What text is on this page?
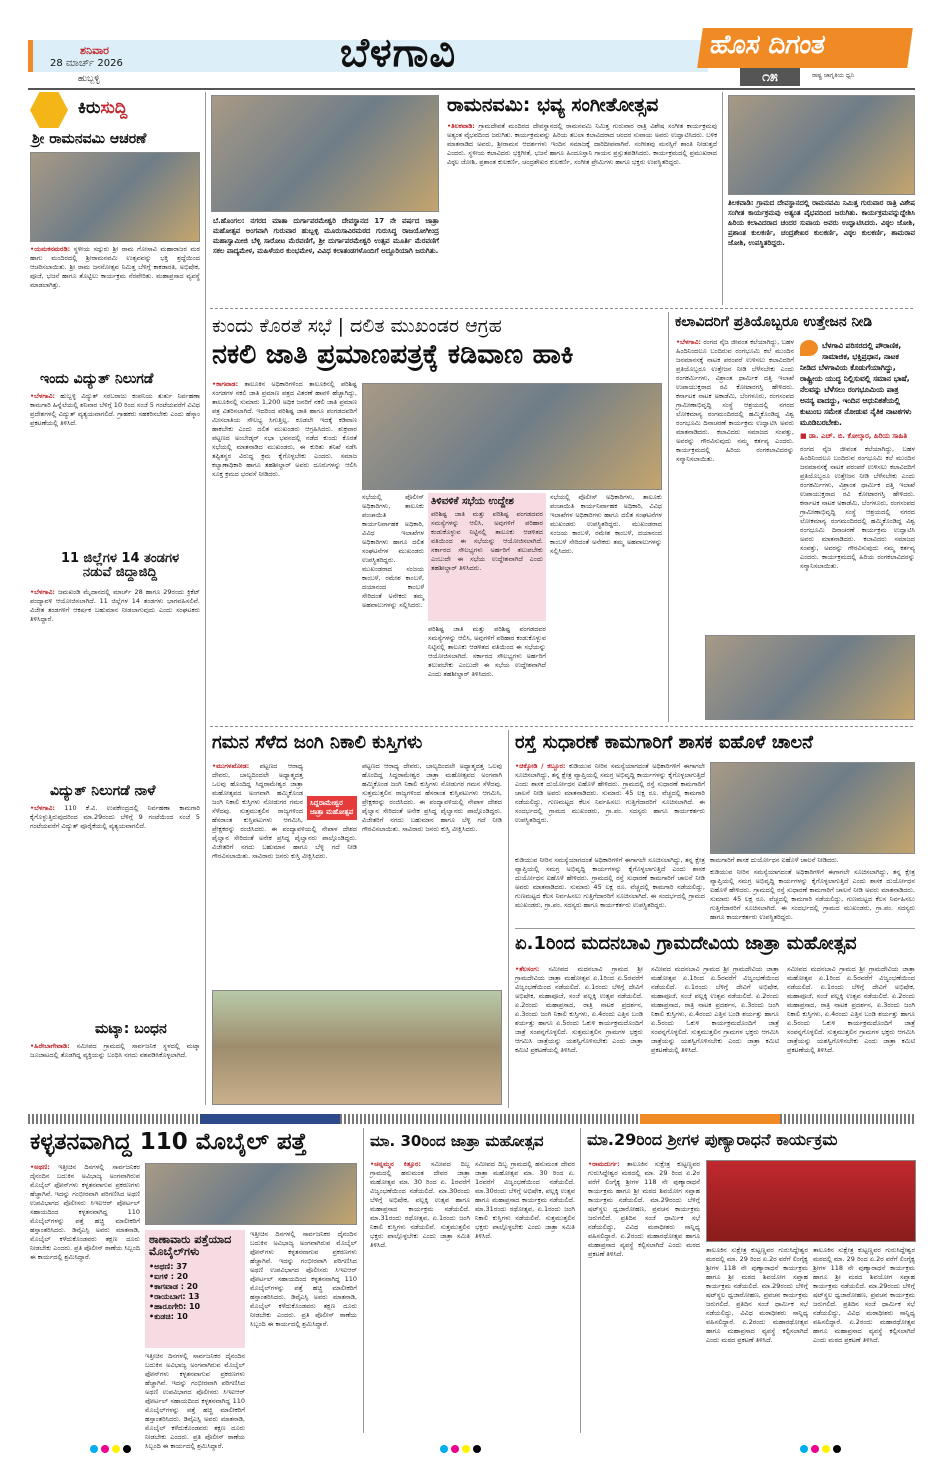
ಶನಿವಾರ
28 ಮಾರ್ಚ್ 2026
ಹುಬ್ಬಳ್ಳಿ
ಬೆಳಗಾವಿ	ಹೊಸ ದಿಗಂತ
೧೫	ರಾಷ್ಟ್ರ ಜಾಗೃತಿಯ ಧ್ವನಿ
ಕಿರುಸುದ್ದಿ
ಶ್ರೀ ರಾಮನವಮಿ ಆಚರಣೆ
•ಯಮಕನಮರಡಿ: ಸ್ಥಳೀಯ ಸದ್ಗುರು ಶ್ರೀ ರಾಮ ಗೋಸಾವಿ ಮಹಾರಾಜರ ಮಠ ಹಾಗು ಮಂದಿರದಲ್ಲಿ ಶ್ರೀರಾಮನವಮಿ ಉತ್ಸವವನ್ನು ಭಕ್ತಿ ಶ್ರದ್ಧೆಯಿಂದ ಆಚರಿಸಲಾಯಿತು. ಶ್ರೀ ರಾಮ ಜನನೋತ್ಸವ ನಿಮಿತ್ತ ಬೆಳಿಗ್ಗೆ ಕಾಕಡಾರತಿ, ಅಭಿಷೇಕ, ಪೂಜೆ, ಭಜನೆ ಹಾಗೂ ತೊಟ್ಟಿಲು ಕಾರ್ಯಕ್ರಮ ನೆರವೇರಿತು. ಮಹಾಪ್ರಸಾದ ವ್ಯವಸ್ಥೆ ಮಾಡಲಾಗಿತ್ತು.
ಇಂದು ವಿದ್ಯುತ್ ನಿಲುಗಡೆ
•ಬೆಳಗಾವಿ: ಹುಬ್ಬಳ್ಳಿ ವಿದ್ಯುತ್ ಸರಬರಾಜು ಕಂಪನಿಯ ತುರ್ತು ನಿರ್ವಹಣಾ ಕಾಮಗಾರಿ ಹಿನ್ನೆಲೆಯಲ್ಲಿ ಶನಿವಾರ ಬೆಳಿಗ್ಗೆ 10 ರಿಂದ ಸಂಜೆ 5 ಗಂಟೆಯವರೆಗೆ ವಿವಿಧ ಪ್ರದೇಶಗಳಲ್ಲಿ ವಿದ್ಯುತ್ ವ್ಯತ್ಯಯವಾಗಲಿದೆ. ಗ್ರಾಹಕರು ಸಹಕರಿಸಬೇಕು ಎಂದು ಹೆಸ್ಕಾಂ ಪ್ರಕಟಣೆಯಲ್ಲಿ ತಿಳಿಸಿದೆ.
11 ಜಿಲ್ಲೆಗಳ 14 ತಂಡಗಳ ನಡುವೆ ಜಿದ್ದಾಜಿದ್ದಿ
•ಬೆಳಗಾವಿ: ಜಮಖಂಡಿ ಮೈದಾನದಲ್ಲಿ ಮಾರ್ಚ್ 28 ಹಾಗೂ 29ರಂದು ಕ್ರಿಕೆಟ್ ಪಂದ್ಯಾವಳಿ ಆಯೋಜಿಸಲಾಗಿದೆ. 11 ಜಿಲ್ಲೆಗಳ 14 ತಂಡಗಳು ಭಾಗವಹಿಸಲಿವೆ. ವಿಜೇತ ತಂಡಗಳಿಗೆ ಆಕರ್ಷಕ ಬಹುಮಾನ ನೀಡಲಾಗುವುದು ಎಂದು ಸಂಘಟಕರು ತಿಳಿಸಿದ್ದಾರೆ.
ವಿದ್ಯುತ್ ನಿಲುಗಡೆ ನಾಳೆ
•ಬೆಳಗಾವಿ: 110 ಕೆ.ವಿ. ಉಪಕೇಂದ್ರದಲ್ಲಿ ನಿರ್ವಹಣಾ ಕಾಮಗಾರಿ ಕೈಗೊಳ್ಳುತ್ತಿರುವುದರಿಂದ ಮಾ.29ರಂದು ಬೆಳಿಗ್ಗೆ 9 ಗಂಟೆಯಿಂದ ಸಂಜೆ 5 ಗಂಟೆಯವರೆಗೆ ವಿದ್ಯುತ್ ಪೂರೈಕೆಯಲ್ಲಿ ವ್ಯತ್ಯಯವಾಗಲಿದೆ.
ಮಟ್ಕಾ: ಬಂಧನ
•ಹಿರೇಬಾಗೇವಾಡಿ: ಸಮೀಪದ ಗ್ರಾಮದಲ್ಲಿ ಸಾರ್ವಜನಿಕ ಸ್ಥಳದಲ್ಲಿ ಮಟ್ಕಾ ಜೂಜಾಟದಲ್ಲಿ ತೊಡಗಿದ್ದ ವ್ಯಕ್ತಿಯನ್ನು ಬಂಧಿಸಿ ನಗದು ವಶಪಡಿಸಿಕೊಳ್ಳಲಾಗಿದೆ.
ಬೆ.ಹೊಂಗಲ: ನಗರದ ಮಾತಾ ದುರ್ಗಾಪರಮೇಶ್ವರಿ ದೇವಸ್ಥಾನದ 17 ನೇ ವರ್ಷದ ಜಾತ್ರಾ ಮಹೋತ್ಸವ ಅಂಗವಾಗಿ ಗುರುವಾರ ಹುಬ್ಬಳ್ಳಿ ಮೂರುಸಾವಿರಮಠದ ಗುರುಸಿದ್ಧ ರಾಜಯೋಗೀಂದ್ರ ಮಹಾಸ್ವಾಮೀಜಿ ಬೆಳ್ಳಿ ಸಾರೋಟ ಮೆರವಣಿಗೆ, ಶ್ರೀ ದುರ್ಗಾಪರಮೇಶ್ವರಿ ಉತ್ಸವ ಮೂರ್ತಿ ಮೆರವಣಿಗೆ ಸಕಲ ವಾದ್ಯಮೇಳ, ಮಹಿಳೆಯರ ಕುಂಭಮೇಳ, ವಿವಿಧ ಕಲಾತಂಡಗಳೊಂದಿಗೆ ಅದ್ದೂರಿಯಾಗಿ ಜರುಗಿತು.
ರಾಮನವಮಿ: ಭವ್ಯ ಸಂಗೀತೋತ್ಸವ
•ತಿಲಕವಾಡಿ: ಗ್ರಾಮದೇವತೆ ಮಂದಿರದ ದೇವಸ್ಥಾನದಲ್ಲಿ ರಾಮನವಮಿ ನಿಮಿತ್ತ ಗುರುವಾರ ರಾತ್ರಿ ವಿಶೇಷ ಸಂಗೀತ ಕಾರ್ಯಕ್ರಮವು ಅತ್ಯಂತ ವೈಭವದಿಂದ ಜರುಗಿತು. ಕಾರ್ಯಕ್ರಮವನ್ನು ಹಿರಿಯ ತಬಲಾ ಕಲಾವಿದರಾದ ಚಂದರ ಸುವಾಯ ಅವರು ಉದ್ಘಾಟಿಸಿದರು. ಬಳಿಕ ಮಾತನಾಡಿದ ಅವರು, ಶ್ರೀರಾಮನ ಆದರ್ಶಗಳು ಇಂದಿನ ಸಮಾಜಕ್ಕೆ ದಾರಿದೀಪವಾಗಿವೆ. ಸಂಗೀತವು ಮನಸ್ಸಿಗೆ ಶಾಂತಿ ನೀಡುತ್ತದೆ ಎಂದರು. ಸ್ಥಳೀಯ ಕಲಾವಿದರು ಭಕ್ತಿಗೀತೆ, ಭಜನೆ ಹಾಗೂ ಹಿಂದೂಸ್ತಾನಿ ಗಾಯನ ಪ್ರಸ್ತುತಪಡಿಸಿದರು. ಕಾರ್ಯಕ್ರಮದಲ್ಲಿ ಪ್ರಮುಖರಾದ ವಿಠ್ಠಲ ಜೋಶಿ, ಪ್ರಶಾಂತ ಕುಲಕರ್ಣಿ, ಚಂದ್ರಶೇಖರ ಕುಲಕರ್ಣಿ, ಸಂಗೀತ ಪ್ರೇಮಿಗಳು ಹಾಗೂ ಭಕ್ತರು ಉಪಸ್ಥಿತರಿದ್ದರು.
ತಿಲಕವಾಡಿ: ಗ್ರಾಮದ ದೇವಸ್ಥಾನದಲ್ಲಿ ರಾಮನವಮಿ ನಿಮಿತ್ತ ಗುರುವಾರ ರಾತ್ರಿ ವಿಶೇಷ ಸಂಗೀತ ಕಾರ್ಯಕ್ರಮವು ಅತ್ಯಂತ ವೈಭವದಿಂದ ಜರುಗಿತು. ಕಾರ್ಯಕ್ರಮವನ್ನುದ್ದೇಶಿಸಿ ಹಿರಿಯ ಕಲಾವಿದರಾದ ಚಂದರ ಸುವಾಯ ಅವರು ಉದ್ಘಾಟಿಸಿದರು. ವಿಠ್ಠಲ ಜೋಶಿ, ಪ್ರಶಾಂತ ಕುಲಕರ್ಣಿ, ಚಂದ್ರಶೇಖರ ಕುಲಕರ್ಣಿ, ವಿಠ್ಠಲ ಕುಲಕರ್ಣಿ, ಶಾಮರಾವ ಜೋಶಿ, ಉಪಸ್ಥಿತರಿದ್ದರು.
ಕುಂದು ಕೊರತೆ ಸಭೆ | ದಲಿತ ಮುಖಂಡರ ಆಗ್ರಹ
ನಕಲಿ ಜಾತಿ ಪ್ರಮಾಣಪತ್ರಕ್ಕೆ ಕಡಿವಾಣ ಹಾಕಿ
•ಕಾಗವಾಡ: ತಾಲೂಕಿನ ಅಧಿಕಾರಿಗಳಿಂದ ತಾಲೂಕಿನಲ್ಲಿ ಪರಿಶಿಷ್ಟ ಸಂಗಡಗಳ ನಕಲಿ ಜಾತಿ ಪ್ರಮಾಣ ಪತ್ರದ ವಿತರಣೆ ಹಾವಳಿ ಹೆಚ್ಚಾಗಿದ್ದು, ತಾಲೂಕಿನಲ್ಲಿ ಸುಮಾರು 1,200 ಅಧಿಕ ಜನರಿಗೆ ನಕಲಿ ಜಾತಿ ಪ್ರಮಾಣ ಪತ್ರ ವಿತರಿಸಲಾಗಿದೆ. ಇದರಿಂದ ಪರಿಶಿಷ್ಟ ಜಾತಿ ಹಾಗೂ ಪಂಗಡದವರಿಗೆ ಮೀಸಲಾತಿಯ ಸೌಲಭ್ಯ ಸಿಗುತ್ತಿಲ್ಲ. ಕೂಡಲೇ ಇದಕ್ಕೆ ಕಡಿವಾಣ ಹಾಕಬೇಕು ಎಂದು ದಲಿತ ಮುಖಂಡರು ಆಗ್ರಹಿಸಿದರು. ಶುಕ್ರವಾರ ಪಟ್ಟಣದ ಅಂಬೇಡ್ಕರ್ ಸಭಾ ಭವನದಲ್ಲಿ ನಡೆದ ಕುಂದು ಕೊರತೆ ಸಭೆಯಲ್ಲಿ ಮಾತನಾಡಿದ ಮುಖಂಡರು, ಈ ಕುರಿತು ತನಿಖೆ ನಡೆಸಿ ತಪ್ಪಿತಸ್ಥರ ವಿರುದ್ಧ ಕ್ರಮ ಕೈಗೊಳ್ಳಬೇಕು ಎಂದರು. ಸಮಾಜ ಕಲ್ಯಾಣಾಧಿಕಾರಿ ಹಾಗೂ ತಹಶೀಲ್ದಾರ್ ಅವರು ದೂರುಗಳನ್ನು ಆಲಿಸಿ ಸೂಕ್ತ ಕ್ರಮದ ಭರವಸೆ ನೀಡಿದರು.
ತಿಳಿವಳಿಕೆ ಸಭೆಯ ಉದ್ದೇಶ
ಪರಿಶಿಷ್ಟ ಜಾತಿ ಮತ್ತು ಪರಿಶಿಷ್ಟ ಪಂಗಡದವರ ಸಮಸ್ಯೆಗಳನ್ನು ಆಲಿಸಿ, ಅವುಗಳಿಗೆ ಪರಿಹಾರ ಕಂಡುಕೊಳ್ಳುವ ನಿಟ್ಟಿನಲ್ಲಿ ತಾಲೂಕು ಆಡಳಿತದ ವತಿಯಿಂದ ಈ ಸಭೆಯನ್ನು ಆಯೋಜಿಸಲಾಗಿದೆ. ಸರ್ಕಾರದ ಸೌಲಭ್ಯಗಳು ಅರ್ಹರಿಗೆ ತಲುಪಬೇಕು ಎಂಬುದೇ ಈ ಸಭೆಯ ಉದ್ದೇಶವಾಗಿದೆ ಎಂದು ತಹಶೀಲ್ದಾರ್ ತಿಳಿಸಿದರು.
ಸಭೆಯಲ್ಲಿ ಪೊಲೀಸ್ ಅಧಿಕಾರಿಗಳು, ತಾಲೂಕು ಪಂಚಾಯಿತಿ ಕಾರ್ಯನಿರ್ವಾಹಕ ಅಧಿಕಾರಿ, ವಿವಿಧ ಇಲಾಖೆಗಳ ಅಧಿಕಾರಿಗಳು ಹಾಗೂ ದಲಿತ ಸಂಘಟನೆಗಳ ಮುಖಂಡರು ಉಪಸ್ಥಿತರಿದ್ದರು. ಮುಖಂಡರಾದ ಸಂಜಯ ಕಾಂಬಳೆ, ರಮೇಶ ಕಾಂಬಳೆ, ದಯಾನಂದ ಕಾಂಬಳೆ ಸೇರಿದಂತೆ ಅನೇಕರು ತಮ್ಮ ಅಹವಾಲುಗಳನ್ನು ಸಲ್ಲಿಸಿದರು.
ಪರಿಶಿಷ್ಟ ಜಾತಿ ಮತ್ತು ಪರಿಶಿಷ್ಟ ಪಂಗಡದವರ ಸಮಸ್ಯೆಗಳನ್ನು ಆಲಿಸಿ, ಅವುಗಳಿಗೆ ಪರಿಹಾರ ಕಂಡುಕೊಳ್ಳುವ ನಿಟ್ಟಿನಲ್ಲಿ ತಾಲೂಕು ಆಡಳಿತದ ವತಿಯಿಂದ ಈ ಸಭೆಯನ್ನು ಆಯೋಜಿಸಲಾಗಿದೆ. ಸರ್ಕಾರದ ಸೌಲಭ್ಯಗಳು ಅರ್ಹರಿಗೆ ತಲುಪಬೇಕು ಎಂಬುದೇ ಈ ಸಭೆಯ ಉದ್ದೇಶವಾಗಿದೆ ಎಂದು ತಹಶೀಲ್ದಾರ್ ತಿಳಿಸಿದರು.
ಸಭೆಯಲ್ಲಿ ಪೊಲೀಸ್ ಅಧಿಕಾರಿಗಳು, ತಾಲೂಕು ಪಂಚಾಯಿತಿ ಕಾರ್ಯನಿರ್ವಾಹಕ ಅಧಿಕಾರಿ, ವಿವಿಧ ಇಲಾಖೆಗಳ ಅಧಿಕಾರಿಗಳು ಹಾಗೂ ದಲಿತ ಸಂಘಟನೆಗಳ ಮುಖಂಡರು ಉಪಸ್ಥಿತರಿದ್ದರು. ಮುಖಂಡರಾದ ಸಂಜಯ ಕಾಂಬಳೆ, ರಮೇಶ ಕಾಂಬಳೆ, ದಯಾನಂದ ಕಾಂಬಳೆ ಸೇರಿದಂತೆ ಅನೇಕರು ತಮ್ಮ ಅಹವಾಲುಗಳನ್ನು ಸಲ್ಲಿಸಿದರು.
ಕಲಾವಿದರಿಗೆ ಪ್ರತಿಯೊಬ್ಬರೂ ಉತ್ತೇಜನ ನೀಡಿ
•ಬೆಳಗಾವಿ: ರಂಗದ ನೈಜ ಜೀವಂತ ಕಲೆಯಾಗಿದ್ದು, ಬಹಳ ಹಿಂದಿನಿಂದಲೂ ಬಂದಿರುವ ರಂಗಭೂಮಿ ಕಲೆ ಮುಂದಿನ ಜನಮಾನಸಕ್ಕೆ ನಾಟಕ ಪರಂಪರೆ ಉಳಿಸಲು ಕಲಾವಿದರಿಗೆ ಪ್ರತಿಯೊಬ್ಬರೂ ಉತ್ತೇಜನ ನೀಡಿ ಬೆಳೆಸಬೇಕು ಎಂದು ರಂಗಕರ್ಮಿಗಳು, ವಿಶ್ರಾಂತ ಧಾರ್ಮಿಕ ದತ್ತಿ ಇಲಾಖೆ ಉಪಾಯುಕ್ತರಾದ ರವಿ ಕೋಟಾರಗಸ್ತಿ ಹೇಳಿದರು. ಕರ್ನಾಟಕ ನಾಟಕ ಅಕಾಡೆಮಿ, ಬೆಂಗಳೂರು, ರಂಗಸಂಪದ ಗ್ರಾಮೀಣಾಭಿವೃದ್ಧಿ ಸಂಸ್ಥೆ ಆಶ್ರಯದಲ್ಲಿ ನಗರದ ಲೋಕಮಾನ್ಯ ರಂಗಮಂದಿರದಲ್ಲಿ ಹಮ್ಮಿಕೊಂಡಿದ್ದ ವಿಶ್ವ ರಂಗಭೂಮಿ ದಿನಾಚರಣೆ ಕಾರ್ಯಕ್ರಮ ಉದ್ಘಾಟಿಸಿ ಅವರು ಮಾತನಾಡಿದರು. ಕಲಾವಿದರು ಸಮಾಜದ ಸಂಪತ್ತು, ಅವರನ್ನು ಗೌರವಿಸುವುದು ನಮ್ಮ ಕರ್ತವ್ಯ ಎಂದರು. ಕಾರ್ಯಕ್ರಮದಲ್ಲಿ ಹಿರಿಯ ರಂಗಕಲಾವಿದರನ್ನು ಸನ್ಮಾನಿಸಲಾಯಿತು.
ಬೆಳಗಾವಿ ಪರಿಸರದಲ್ಲಿ ಪೌರಾಣಿಕ, ಸಾಮಾಜಿಕ, ಭಕ್ತಿಪ್ರಧಾನ, ನಾಟಕ ನೀಡಿದ ಬೆಳಗಾವಿಯ ಕೊಡುಗೆಯಾಗಿದ್ದು, ರಾಷ್ಟ್ರೀಯ ಯುದ್ಧ ನಿಲ್ಲಿಸುವಲ್ಲಿ ಸಮಾನ ಭಾಷೆ, ನೆಲವನ್ನು ಬೆಳೆಸಲು ರಂಗಭೂಮಿಯ ಪಾತ್ರ ಅನನ್ಯ ವಾದದ್ದು, ಇಂದಿನ ಆಧುನಿಕತೆಯಲ್ಲಿ ಕುಟುಂಬ ಸಮೇತ ನೋಡುವ ನೈತಿಕ ನಾಟಕಗಳು ಮೂಡಿಬರಬೇಕು.
■ ಡಾ. ಎಚ್. ಬಿ. ಕೋಲ್ಕಾರ, ಹಿರಿಯ ಸಾಹಿತಿ
ರಂಗದ ನೈಜ ಜೀವಂತ ಕಲೆಯಾಗಿದ್ದು, ಬಹಳ ಹಿಂದಿನಿಂದಲೂ ಬಂದಿರುವ ರಂಗಭೂಮಿ ಕಲೆ ಮುಂದಿನ ಜನಮಾನಸಕ್ಕೆ ನಾಟಕ ಪರಂಪರೆ ಉಳಿಸಲು ಕಲಾವಿದರಿಗೆ ಪ್ರತಿಯೊಬ್ಬರೂ ಉತ್ತೇಜನ ನೀಡಿ ಬೆಳೆಸಬೇಕು ಎಂದು ರಂಗಕರ್ಮಿಗಳು, ವಿಶ್ರಾಂತ ಧಾರ್ಮಿಕ ದತ್ತಿ ಇಲಾಖೆ ಉಪಾಯುಕ್ತರಾದ ರವಿ ಕೋಟಾರಗಸ್ತಿ ಹೇಳಿದರು. ಕರ್ನಾಟಕ ನಾಟಕ ಅಕಾಡೆಮಿ, ಬೆಂಗಳೂರು, ರಂಗಸಂಪದ ಗ್ರಾಮೀಣಾಭಿವೃದ್ಧಿ ಸಂಸ್ಥೆ ಆಶ್ರಯದಲ್ಲಿ ನಗರದ ಲೋಕಮಾನ್ಯ ರಂಗಮಂದಿರದಲ್ಲಿ ಹಮ್ಮಿಕೊಂಡಿದ್ದ ವಿಶ್ವ ರಂಗಭೂಮಿ ದಿನಾಚರಣೆ ಕಾರ್ಯಕ್ರಮ ಉದ್ಘಾಟಿಸಿ ಅವರು ಮಾತನಾಡಿದರು. ಕಲಾವಿದರು ಸಮಾಜದ ಸಂಪತ್ತು, ಅವರನ್ನು ಗೌರವಿಸುವುದು ನಮ್ಮ ಕರ್ತವ್ಯ ಎಂದರು. ಕಾರ್ಯಕ್ರಮದಲ್ಲಿ ಹಿರಿಯ ರಂಗಕಲಾವಿದರನ್ನು ಸನ್ಮಾನಿಸಲಾಯಿತು.
ಗಮನ ಸೆಳೆದ ಜಂಗಿ ನಿಕಾಲಿ ಕುಸ್ತಿಗಳು
ಸಿದ್ದರಾಮೇಶ್ವರ ಜಾತ್ರಾ ಮಹೋತ್ಸವ
•ಮುಗಳಖೋಡ: ಪಟ್ಟಣದ ಆರಾಧ್ಯ ದೇವರು, ಬಾಲ್ಯದಿಂದಲೇ ಅಧ್ಯಾತ್ಮದತ್ತ ಒಲವು ಹೊಂದಿದ್ದ ಸಿದ್ದರಾಮೇಶ್ವರ ಜಾತ್ರಾ ಮಹೋತ್ಸವದ ಅಂಗವಾಗಿ ಹಮ್ಮಿಕೊಂಡ ಜಂಗಿ ನಿಕಾಲಿ ಕುಸ್ತಿಗಳು ನೋಡುಗರ ಗಮನ ಸೆಳೆದವು. ಸುತ್ತಮುತ್ತಲಿನ ರಾಜ್ಯಗಳಿಂದ ಹೆಸರಾಂತ ಕುಸ್ತಿಪಟುಗಳು ಆಗಮಿಸಿ, ಪ್ರೇಕ್ಷಕರನ್ನು ರಂಜಿಸಿದರು. ಈ ಪಂದ್ಯಾವಳಿಯಲ್ಲಿ ನೇಪಾಳ ದೇಶದ ಪೈಲ್ವಾನ ಸೇರಿದಂತೆ ಅನೇಕ ಪ್ರಸಿದ್ಧ ಪೈಲ್ವಾನರು ಪಾಲ್ಗೊಂಡಿದ್ದರು. ವಿಜೇತರಿಗೆ ನಗದು ಬಹುಮಾನ ಹಾಗೂ ಬೆಳ್ಳಿ ಗದೆ ನೀಡಿ ಗೌರವಿಸಲಾಯಿತು. ಸಾವಿರಾರು ಜನರು ಕುಸ್ತಿ ವೀಕ್ಷಿಸಿದರು.
ಪಟ್ಟಣದ ಆರಾಧ್ಯ ದೇವರು, ಬಾಲ್ಯದಿಂದಲೇ ಅಧ್ಯಾತ್ಮದತ್ತ ಒಲವು ಹೊಂದಿದ್ದ ಸಿದ್ದರಾಮೇಶ್ವರ ಜಾತ್ರಾ ಮಹೋತ್ಸವದ ಅಂಗವಾಗಿ ಹಮ್ಮಿಕೊಂಡ ಜಂಗಿ ನಿಕಾಲಿ ಕುಸ್ತಿಗಳು ನೋಡುಗರ ಗಮನ ಸೆಳೆದವು. ಸುತ್ತಮುತ್ತಲಿನ ರಾಜ್ಯಗಳಿಂದ ಹೆಸರಾಂತ ಕುಸ್ತಿಪಟುಗಳು ಆಗಮಿಸಿ, ಪ್ರೇಕ್ಷಕರನ್ನು ರಂಜಿಸಿದರು. ಈ ಪಂದ್ಯಾವಳಿಯಲ್ಲಿ ನೇಪಾಳ ದೇಶದ ಪೈಲ್ವಾನ ಸೇರಿದಂತೆ ಅನೇಕ ಪ್ರಸಿದ್ಧ ಪೈಲ್ವಾನರು ಪಾಲ್ಗೊಂಡಿದ್ದರು. ವಿಜೇತರಿಗೆ ನಗದು ಬಹುಮಾನ ಹಾಗೂ ಬೆಳ್ಳಿ ಗದೆ ನೀಡಿ ಗೌರವಿಸಲಾಯಿತು. ಸಾವಿರಾರು ಜನರು ಕುಸ್ತಿ ವೀಕ್ಷಿಸಿದರು.
ರಸ್ತೆ ಸುಧಾರಣೆ ಕಾಮಗಾರಿಗೆ ಶಾಸಕ ಐಹೊಳೆ ಚಾಲನೆ
•ಚಿಕ್ಕೋಡಿ / ಕಬ್ಬೂರ: ಕುಡಿಯುವ ನೀರಿನ ಸಮಸ್ಯೆಯಾಗದಂತೆ ಅಧಿಕಾರಿಗಳಿಗೆ ಈಗಾಗಲೇ ಸೂಚಿಸಲಾಗಿದ್ದು, ತನ್ನ ಕ್ಷೇತ್ರ ವ್ಯಾಪ್ತಿಯಲ್ಲಿ ಸಮಗ್ರ ಅಭಿವೃದ್ಧಿ ಕಾರ್ಯಗಳನ್ನು ಕೈಗೊಳ್ಳಲಾಗುತ್ತಿದೆ ಎಂದು ಶಾಸಕ ದುರ್ಯೋಧನ ಐಹೊಳೆ ಹೇಳಿದರು. ಗ್ರಾಮದಲ್ಲಿ ರಸ್ತೆ ಸುಧಾರಣೆ ಕಾಮಗಾರಿಗೆ ಚಾಲನೆ ನೀಡಿ ಅವರು ಮಾತನಾಡಿದರು. ಸುಮಾರು 45 ಲಕ್ಷ ರೂ. ವೆಚ್ಚದಲ್ಲಿ ಕಾಮಗಾರಿ ನಡೆಯಲಿದ್ದು, ಗುಣಮಟ್ಟದ ಕೆಲಸ ನಿರ್ವಹಿಸಲು ಗುತ್ತಿಗೆದಾರರಿಗೆ ಸೂಚಿಸಲಾಗಿದೆ. ಈ ಸಂದರ್ಭದಲ್ಲಿ ಗ್ರಾಮದ ಮುಖಂಡರು, ಗ್ರಾ.ಪಂ. ಸದಸ್ಯರು ಹಾಗೂ ಕಾರ್ಯಕರ್ತರು ಉಪಸ್ಥಿತರಿದ್ದರು.
ಕಾಮಗಾರಿಗೆ ಶಾಸಕ ದುರ್ಯೋಧನ ಐಹೊಳೆ ಚಾಲನೆ ನೀಡಿದರು.
ಕುಡಿಯುವ ನೀರಿನ ಸಮಸ್ಯೆಯಾಗದಂತೆ ಅಧಿಕಾರಿಗಳಿಗೆ ಈಗಾಗಲೇ ಸೂಚಿಸಲಾಗಿದ್ದು, ತನ್ನ ಕ್ಷೇತ್ರ ವ್ಯಾಪ್ತಿಯಲ್ಲಿ ಸಮಗ್ರ ಅಭಿವೃದ್ಧಿ ಕಾರ್ಯಗಳನ್ನು ಕೈಗೊಳ್ಳಲಾಗುತ್ತಿದೆ ಎಂದು ಶಾಸಕ ದುರ್ಯೋಧನ ಐಹೊಳೆ ಹೇಳಿದರು. ಗ್ರಾಮದಲ್ಲಿ ರಸ್ತೆ ಸುಧಾರಣೆ ಕಾಮಗಾರಿಗೆ ಚಾಲನೆ ನೀಡಿ ಅವರು ಮಾತನಾಡಿದರು. ಸುಮಾರು 45 ಲಕ್ಷ ರೂ. ವೆಚ್ಚದಲ್ಲಿ ಕಾಮಗಾರಿ ನಡೆಯಲಿದ್ದು, ಗುಣಮಟ್ಟದ ಕೆಲಸ ನಿರ್ವಹಿಸಲು ಗುತ್ತಿಗೆದಾರರಿಗೆ ಸೂಚಿಸಲಾಗಿದೆ. ಈ ಸಂದರ್ಭದಲ್ಲಿ ಗ್ರಾಮದ ಮುಖಂಡರು, ಗ್ರಾ.ಪಂ. ಸದಸ್ಯರು ಹಾಗೂ ಕಾರ್ಯಕರ್ತರು ಉಪಸ್ಥಿತರಿದ್ದರು.
ಕುಡಿಯುವ ನೀರಿನ ಸಮಸ್ಯೆಯಾಗದಂತೆ ಅಧಿಕಾರಿಗಳಿಗೆ ಈಗಾಗಲೇ ಸೂಚಿಸಲಾಗಿದ್ದು, ತನ್ನ ಕ್ಷೇತ್ರ ವ್ಯಾಪ್ತಿಯಲ್ಲಿ ಸಮಗ್ರ ಅಭಿವೃದ್ಧಿ ಕಾರ್ಯಗಳನ್ನು ಕೈಗೊಳ್ಳಲಾಗುತ್ತಿದೆ ಎಂದು ಶಾಸಕ ದುರ್ಯೋಧನ ಐಹೊಳೆ ಹೇಳಿದರು. ಗ್ರಾಮದಲ್ಲಿ ರಸ್ತೆ ಸುಧಾರಣೆ ಕಾಮಗಾರಿಗೆ ಚಾಲನೆ ನೀಡಿ ಅವರು ಮಾತನಾಡಿದರು. ಸುಮಾರು 45 ಲಕ್ಷ ರೂ. ವೆಚ್ಚದಲ್ಲಿ ಕಾಮಗಾರಿ ನಡೆಯಲಿದ್ದು, ಗುಣಮಟ್ಟದ ಕೆಲಸ ನಿರ್ವಹಿಸಲು ಗುತ್ತಿಗೆದಾರರಿಗೆ ಸೂಚಿಸಲಾಗಿದೆ. ಈ ಸಂದರ್ಭದಲ್ಲಿ ಗ್ರಾಮದ ಮುಖಂಡರು, ಗ್ರಾ.ಪಂ. ಸದಸ್ಯರು ಹಾಗೂ ಕಾರ್ಯಕರ್ತರು ಉಪಸ್ಥಿತರಿದ್ದರು.
ಏ.1ರಿಂದ ಮದನಬಾವಿ ಗ್ರಾಮದೇವಿಯ ಜಾತ್ರಾ ಮಹೋತ್ಸವ
•ತೆಲಸಂಗ: ಸಮೀಪದ ಮದನಬಾವಿ ಗ್ರಾಮದ ಶ್ರೀ ಗ್ರಾಮದೇವಿಯ ಜಾತ್ರಾ ಮಹೋತ್ಸವ ಏ.1ರಿಂದ ಏ.5ರವರೆಗೆ ವಿಜೃಂಭಣೆಯಿಂದ ನಡೆಯಲಿದೆ. ಏ.1ರಂದು ಬೆಳಿಗ್ಗೆ ದೇವಿಗೆ ಅಭಿಷೇಕ, ಮಹಾಪೂಜೆ, ಸಂಜೆ ಪಲ್ಲಕ್ಕಿ ಉತ್ಸವ ನಡೆಯಲಿದೆ. ಏ.2ರಂದು ಮಹಾಪ್ರಸಾದ, ರಾತ್ರಿ ನಾಟಕ ಪ್ರದರ್ಶನ, ಏ.3ರಂದು ಜಂಗಿ ನಿಕಾಲಿ ಕುಸ್ತಿಗಳು, ಏ.4ರಂದು ಎತ್ತಿನ ಬಂಡಿ ಶರ್ಯತ್ತು ಹಾಗೂ ಏ.5ರಂದು ಓಕುಳಿ ಕಾರ್ಯಕ್ರಮದೊಂದಿಗೆ ಜಾತ್ರೆ ಸಂಪನ್ನಗೊಳ್ಳಲಿದೆ. ಸುತ್ತಮುತ್ತಲಿನ ಗ್ರಾಮಗಳ ಭಕ್ತರು ಆಗಮಿಸಿ ಜಾತ್ರೆಯನ್ನು ಯಶಸ್ವಿಗೊಳಿಸಬೇಕು ಎಂದು ಜಾತ್ರಾ ಕಮಿಟಿ ಪ್ರಕಟಣೆಯಲ್ಲಿ ತಿಳಿಸಿದೆ.
ಸಮೀಪದ ಮದನಬಾವಿ ಗ್ರಾಮದ ಶ್ರೀ ಗ್ರಾಮದೇವಿಯ ಜಾತ್ರಾ ಮಹೋತ್ಸವ ಏ.1ರಿಂದ ಏ.5ರವರೆಗೆ ವಿಜೃಂಭಣೆಯಿಂದ ನಡೆಯಲಿದೆ. ಏ.1ರಂದು ಬೆಳಿಗ್ಗೆ ದೇವಿಗೆ ಅಭಿಷೇಕ, ಮಹಾಪೂಜೆ, ಸಂಜೆ ಪಲ್ಲಕ್ಕಿ ಉತ್ಸವ ನಡೆಯಲಿದೆ. ಏ.2ರಂದು ಮಹಾಪ್ರಸಾದ, ರಾತ್ರಿ ನಾಟಕ ಪ್ರದರ್ಶನ, ಏ.3ರಂದು ಜಂಗಿ ನಿಕಾಲಿ ಕುಸ್ತಿಗಳು, ಏ.4ರಂದು ಎತ್ತಿನ ಬಂಡಿ ಶರ್ಯತ್ತು ಹಾಗೂ ಏ.5ರಂದು ಓಕುಳಿ ಕಾರ್ಯಕ್ರಮದೊಂದಿಗೆ ಜಾತ್ರೆ ಸಂಪನ್ನಗೊಳ್ಳಲಿದೆ. ಸುತ್ತಮುತ್ತಲಿನ ಗ್ರಾಮಗಳ ಭಕ್ತರು ಆಗಮಿಸಿ ಜಾತ್ರೆಯನ್ನು ಯಶಸ್ವಿಗೊಳಿಸಬೇಕು ಎಂದು ಜಾತ್ರಾ ಕಮಿಟಿ ಪ್ರಕಟಣೆಯಲ್ಲಿ ತಿಳಿಸಿದೆ.
ಸಮೀಪದ ಮದನಬಾವಿ ಗ್ರಾಮದ ಶ್ರೀ ಗ್ರಾಮದೇವಿಯ ಜಾತ್ರಾ ಮಹೋತ್ಸವ ಏ.1ರಿಂದ ಏ.5ರವರೆಗೆ ವಿಜೃಂಭಣೆಯಿಂದ ನಡೆಯಲಿದೆ. ಏ.1ರಂದು ಬೆಳಿಗ್ಗೆ ದೇವಿಗೆ ಅಭಿಷೇಕ, ಮಹಾಪೂಜೆ, ಸಂಜೆ ಪಲ್ಲಕ್ಕಿ ಉತ್ಸವ ನಡೆಯಲಿದೆ. ಏ.2ರಂದು ಮಹಾಪ್ರಸಾದ, ರಾತ್ರಿ ನಾಟಕ ಪ್ರದರ್ಶನ, ಏ.3ರಂದು ಜಂಗಿ ನಿಕಾಲಿ ಕುಸ್ತಿಗಳು, ಏ.4ರಂದು ಎತ್ತಿನ ಬಂಡಿ ಶರ್ಯತ್ತು ಹಾಗೂ ಏ.5ರಂದು ಓಕುಳಿ ಕಾರ್ಯಕ್ರಮದೊಂದಿಗೆ ಜಾತ್ರೆ ಸಂಪನ್ನಗೊಳ್ಳಲಿದೆ. ಸುತ್ತಮುತ್ತಲಿನ ಗ್ರಾಮಗಳ ಭಕ್ತರು ಆಗಮಿಸಿ ಜಾತ್ರೆಯನ್ನು ಯಶಸ್ವಿಗೊಳಿಸಬೇಕು ಎಂದು ಜಾತ್ರಾ ಕಮಿಟಿ ಪ್ರಕಟಣೆಯಲ್ಲಿ ತಿಳಿಸಿದೆ.
ಕಳ್ಳತನವಾಗಿದ್ದ 110 ಮೊಬೈಲ್ ಪತ್ತೆ
•ಅಥಣಿ: ಇತ್ತೀಚಿನ ದಿನಗಳಲ್ಲಿ ಸಾರ್ವಜನಿಕರ ದೈನಂದಿನ ಬದುಕಿನ ಅವಿಭಾಜ್ಯ ಅಂಗವಾಗಿರುವ ಮೊಬೈಲ್ ಫೋನ್‌ಗಳು ಕಳ್ಳತನವಾಗುವ ಪ್ರಕರಣಗಳು ಹೆಚ್ಚಾಗಿವೆ. ಇದನ್ನು ಗಂಭೀರವಾಗಿ ಪರಿಗಣಿಸಿದ ಅಥಣಿ ಉಪವಿಭಾಗದ ಪೊಲೀಸರು ಸಿಇಐಆರ್ ಪೋರ್ಟಲ್ ಸಹಾಯದಿಂದ ಕಳ್ಳತನವಾಗಿದ್ದ 110 ಮೊಬೈಲ್‌ಗಳನ್ನು ಪತ್ತೆ ಹಚ್ಚಿ ಮಾಲೀಕರಿಗೆ ಹಸ್ತಾಂತರಿಸಿದರು. ಡಿವೈಎಸ್ಪಿ ಅವರು ಮಾತನಾಡಿ, ಮೊಬೈಲ್ ಕಳೆದುಕೊಂಡವರು ತಕ್ಷಣ ದೂರು ನೀಡಬೇಕು ಎಂದರು. ಪ್ರತಿ ಪೊಲೀಸ್ ಠಾಣೆಯ ಸಿಬ್ಬಂದಿ ಈ ಕಾರ್ಯದಲ್ಲಿ ಶ್ರಮಿಸಿದ್ದಾರೆ.
ಠಾಣಾವಾರು ಪತ್ತೆಯಾದ ಮೊಬೈಲ್‌ಗಳು
•ಅಥಣಿ: 37
•ಐಗಳಿ : 20
•ಕಾಗವಾಡ : 20
•ರಾಯಬಾಗ: 13
•ಹಾರೂಗೇರಿ: 10
•ಕುಡಚಿ: 10
ಇತ್ತೀಚಿನ ದಿನಗಳಲ್ಲಿ ಸಾರ್ವಜನಿಕರ ದೈನಂದಿನ ಬದುಕಿನ ಅವಿಭಾಜ್ಯ ಅಂಗವಾಗಿರುವ ಮೊಬೈಲ್ ಫೋನ್‌ಗಳು ಕಳ್ಳತನವಾಗುವ ಪ್ರಕರಣಗಳು ಹೆಚ್ಚಾಗಿವೆ. ಇದನ್ನು ಗಂಭೀರವಾಗಿ ಪರಿಗಣಿಸಿದ ಅಥಣಿ ಉಪವಿಭಾಗದ ಪೊಲೀಸರು ಸಿಇಐಆರ್ ಪೋರ್ಟಲ್ ಸಹಾಯದಿಂದ ಕಳ್ಳತನವಾಗಿದ್ದ 110 ಮೊಬೈಲ್‌ಗಳನ್ನು ಪತ್ತೆ ಹಚ್ಚಿ ಮಾಲೀಕರಿಗೆ ಹಸ್ತಾಂತರಿಸಿದರು. ಡಿವೈಎಸ್ಪಿ ಅವರು ಮಾತನಾಡಿ, ಮೊಬೈಲ್ ಕಳೆದುಕೊಂಡವರು ತಕ್ಷಣ ದೂರು ನೀಡಬೇಕು ಎಂದರು. ಪ್ರತಿ ಪೊಲೀಸ್ ಠಾಣೆಯ ಸಿಬ್ಬಂದಿ ಈ ಕಾರ್ಯದಲ್ಲಿ ಶ್ರಮಿಸಿದ್ದಾರೆ.
ಇತ್ತೀಚಿನ ದಿನಗಳಲ್ಲಿ ಸಾರ್ವಜನಿಕರ ದೈನಂದಿನ ಬದುಕಿನ ಅವಿಭಾಜ್ಯ ಅಂಗವಾಗಿರುವ ಮೊಬೈಲ್ ಫೋನ್‌ಗಳು ಕಳ್ಳತನವಾಗುವ ಪ್ರಕರಣಗಳು ಹೆಚ್ಚಾಗಿವೆ. ಇದನ್ನು ಗಂಭೀರವಾಗಿ ಪರಿಗಣಿಸಿದ ಅಥಣಿ ಉಪವಿಭಾಗದ ಪೊಲೀಸರು ಸಿಇಐಆರ್ ಪೋರ್ಟಲ್ ಸಹಾಯದಿಂದ ಕಳ್ಳತನವಾಗಿದ್ದ 110 ಮೊಬೈಲ್‌ಗಳನ್ನು ಪತ್ತೆ ಹಚ್ಚಿ ಮಾಲೀಕರಿಗೆ ಹಸ್ತಾಂತರಿಸಿದರು. ಡಿವೈಎಸ್ಪಿ ಅವರು ಮಾತನಾಡಿ, ಮೊಬೈಲ್ ಕಳೆದುಕೊಂಡವರು ತಕ್ಷಣ ದೂರು ನೀಡಬೇಕು ಎಂದರು. ಪ್ರತಿ ಪೊಲೀಸ್ ಠಾಣೆಯ ಸಿಬ್ಬಂದಿ ಈ ಕಾರ್ಯದಲ್ಲಿ ಶ್ರಮಿಸಿದ್ದಾರೆ.
ಮಾ. 30ರಿಂದ ಜಾತ್ರಾ ಮಹೋತ್ಸವ
•ಚನ್ನಮ್ಮನ ಕಿತ್ತೂರ: ಸಮೀಪದ ದಿಬ್ಬ ಗ್ರಾಮದಲ್ಲಿ ಹನುಮಂತ ದೇವರ ಜಾತ್ರಾ ಮಹೋತ್ಸವ ಮಾ. 30 ರಿಂದ ಏ. 1ರವರೆಗೆ ವಿಜೃಂಭಣೆಯಿಂದ ನಡೆಯಲಿದೆ. ಮಾ.30ರಂದು ಬೆಳಿಗ್ಗೆ ಅಭಿಷೇಕ, ಪಲ್ಲಕ್ಕಿ ಉತ್ಸವ ಹಾಗೂ ಮಹಾಪ್ರಸಾದ ಕಾರ್ಯಕ್ರಮ ನಡೆಯಲಿದೆ. ಮಾ.31ರಂದು ರಥೋತ್ಸವ, ಏ.1ರಂದು ಜಂಗಿ ನಿಕಾಲಿ ಕುಸ್ತಿಗಳು ನಡೆಯಲಿವೆ. ಸುತ್ತಮುತ್ತಲಿನ ಭಕ್ತರು ಪಾಲ್ಗೊಳ್ಳಬೇಕು ಎಂದು ಜಾತ್ರಾ ಸಮಿತಿ ತಿಳಿಸಿದೆ.
ಸಮೀಪದ ದಿಬ್ಬ ಗ್ರಾಮದಲ್ಲಿ ಹನುಮಂತ ದೇವರ ಜಾತ್ರಾ ಮಹೋತ್ಸವ ಮಾ. 30 ರಿಂದ ಏ. 1ರವರೆಗೆ ವಿಜೃಂಭಣೆಯಿಂದ ನಡೆಯಲಿದೆ. ಮಾ.30ರಂದು ಬೆಳಿಗ್ಗೆ ಅಭಿಷೇಕ, ಪಲ್ಲಕ್ಕಿ ಉತ್ಸವ ಹಾಗೂ ಮಹಾಪ್ರಸಾದ ಕಾರ್ಯಕ್ರಮ ನಡೆಯಲಿದೆ. ಮಾ.31ರಂದು ರಥೋತ್ಸವ, ಏ.1ರಂದು ಜಂಗಿ ನಿಕಾಲಿ ಕುಸ್ತಿಗಳು ನಡೆಯಲಿವೆ. ಸುತ್ತಮುತ್ತಲಿನ ಭಕ್ತರು ಪಾಲ್ಗೊಳ್ಳಬೇಕು ಎಂದು ಜಾತ್ರಾ ಸಮಿತಿ ತಿಳಿಸಿದೆ.
ಮಾ.29ರಿಂದ ಶ್ರೀಗಳ ಪುಣ್ಯಾರಾಧನೆ ಕಾರ್ಯಕ್ರಮ
•ರಾಮದುರ್ಗ: ತಾಲೂಕಿನ ಸುಕ್ಷೇತ್ರ ಕುಟ್ಟಣ್ಣವರ ಗುರುಸಿದ್ದೇಶ್ವರ ಮಠದಲ್ಲಿ ಮಾ. 29 ರಿಂದ ಏ.2ರ ವರೆಗೆ ಲಿಂಗೈಕ್ಯ ಶ್ರೀಗಳ 118 ನೇ ಪುಣ್ಯಾರಾಧನೆ ಕಾರ್ಯಕ್ರಮ ಹಾಗೂ ಶ್ರೀ ಮಠದ ಶಿವಯೋಗ ಸಪ್ತಾಹ ಕಾರ್ಯಕ್ರಮ ನಡೆಯಲಿದೆ. ಮಾ.29ರಂದು ಬೆಳಿಗ್ಗೆ ಷಟ್‌ಸ್ಥಲ ಧ್ವಜಾರೋಹಣ, ಪ್ರವಚನ ಕಾರ್ಯಕ್ರಮ ಜರುಗಲಿದೆ. ಪ್ರತಿದಿನ ಸಂಜೆ ಧಾರ್ಮಿಕ ಸಭೆ ನಡೆಯಲಿದ್ದು, ವಿವಿಧ ಮಠಾಧೀಶರು ಸಾನ್ನಿಧ್ಯ ವಹಿಸಲಿದ್ದಾರೆ. ಏ.2ರಂದು ಮಹಾರಥೋತ್ಸವ ಹಾಗೂ ಮಹಾಪ್ರಸಾದ ವ್ಯವಸ್ಥೆ ಕಲ್ಪಿಸಲಾಗಿದೆ ಎಂದು ಮಠದ ಪ್ರಕಟಣೆ ತಿಳಿಸಿದೆ.	ತಾಲೂಕಿನ ಸುಕ್ಷೇತ್ರ ಕುಟ್ಟಣ್ಣವರ ಗುರುಸಿದ್ದೇಶ್ವರ ಮಠದಲ್ಲಿ ಮಾ. 29 ರಿಂದ ಏ.2ರ ವರೆಗೆ ಲಿಂಗೈಕ್ಯ ಶ್ರೀಗಳ 118 ನೇ ಪುಣ್ಯಾರಾಧನೆ ಕಾರ್ಯಕ್ರಮ ಹಾಗೂ ಶ್ರೀ ಮಠದ ಶಿವಯೋಗ ಸಪ್ತಾಹ ಕಾರ್ಯಕ್ರಮ ನಡೆಯಲಿದೆ. ಮಾ.29ರಂದು ಬೆಳಿಗ್ಗೆ ಷಟ್‌ಸ್ಥಲ ಧ್ವಜಾರೋಹಣ, ಪ್ರವಚನ ಕಾರ್ಯಕ್ರಮ ಜರುಗಲಿದೆ. ಪ್ರತಿದಿನ ಸಂಜೆ ಧಾರ್ಮಿಕ ಸಭೆ ನಡೆಯಲಿದ್ದು, ವಿವಿಧ ಮಠಾಧೀಶರು ಸಾನ್ನಿಧ್ಯ ವಹಿಸಲಿದ್ದಾರೆ. ಏ.2ರಂದು ಮಹಾರಥೋತ್ಸವ ಹಾಗೂ ಮಹಾಪ್ರಸಾದ ವ್ಯವಸ್ಥೆ ಕಲ್ಪಿಸಲಾಗಿದೆ ಎಂದು ಮಠದ ಪ್ರಕಟಣೆ ತಿಳಿಸಿದೆ.
ತಾಲೂಕಿನ ಸುಕ್ಷೇತ್ರ ಕುಟ್ಟಣ್ಣವರ ಗುರುಸಿದ್ದೇಶ್ವರ ಮಠದಲ್ಲಿ ಮಾ. 29 ರಿಂದ ಏ.2ರ ವರೆಗೆ ಲಿಂಗೈಕ್ಯ ಶ್ರೀಗಳ 118 ನೇ ಪುಣ್ಯಾರಾಧನೆ ಕಾರ್ಯಕ್ರಮ ಹಾಗೂ ಶ್ರೀ ಮಠದ ಶಿವಯೋಗ ಸಪ್ತಾಹ ಕಾರ್ಯಕ್ರಮ ನಡೆಯಲಿದೆ. ಮಾ.29ರಂದು ಬೆಳಿಗ್ಗೆ ಷಟ್‌ಸ್ಥಲ ಧ್ವಜಾರೋಹಣ, ಪ್ರವಚನ ಕಾರ್ಯಕ್ರಮ ಜರುಗಲಿದೆ. ಪ್ರತಿದಿನ ಸಂಜೆ ಧಾರ್ಮಿಕ ಸಭೆ ನಡೆಯಲಿದ್ದು, ವಿವಿಧ ಮಠಾಧೀಶರು ಸಾನ್ನಿಧ್ಯ ವಹಿಸಲಿದ್ದಾರೆ. ಏ.2ರಂದು ಮಹಾರಥೋತ್ಸವ ಹಾಗೂ ಮಹಾಪ್ರಸಾದ ವ್ಯವಸ್ಥೆ ಕಲ್ಪಿಸಲಾಗಿದೆ ಎಂದು ಮಠದ ಪ್ರಕಟಣೆ ತಿಳಿಸಿದೆ.
